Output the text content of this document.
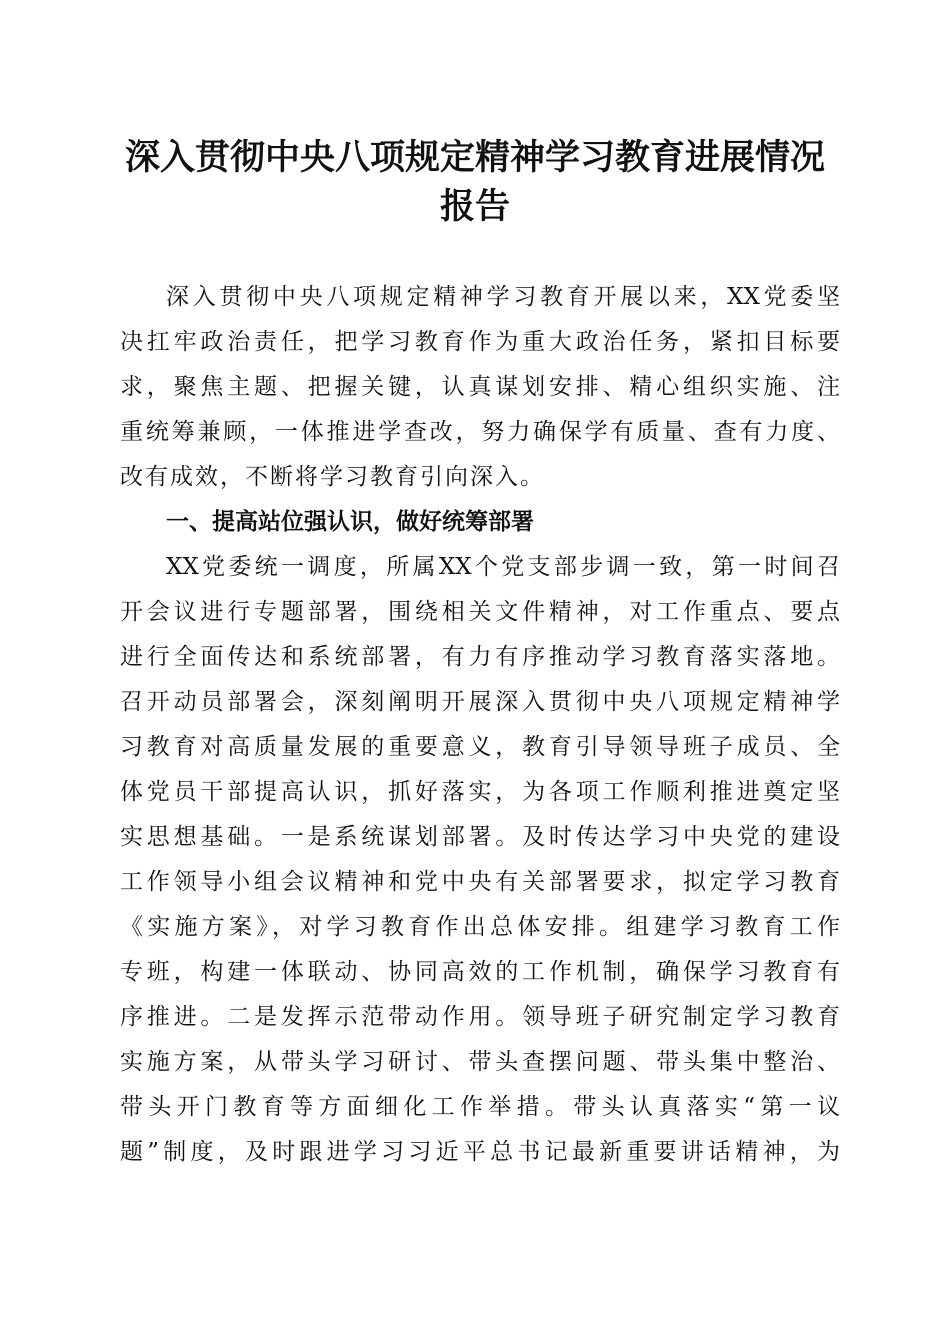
深入贯彻中央八项规定精神学习教育进展情况
报告
深入贯彻中央八项规定精神学习教育开展以来，XX党委坚
决扛牢政治责任，把学习教育作为重大政治任务，紧扣目标要
求，聚焦主题、把握关键，认真谋划安排、精心组织实施、注
重统筹兼顾，一体推进学查改，努力确保学有质量、查有力度、
改有成效，不断将学习教育引向深入。
一、提高站位强认识，做好统筹部署
XX党委统一调度，所属XX个党支部步调一致，第一时间召
开会议进行专题部署，围绕相关文件精神，对工作重点、要点
进行全面传达和系统部署，有力有序推动学习教育落实落地。
召开动员部署会，深刻阐明开展深入贯彻中央八项规定精神学
习教育对高质量发展的重要意义，教育引导领导班子成员、全
体党员干部提高认识，抓好落实，为各项工作顺利推进奠定坚
实思想基础。一是系统谋划部署。及时传达学习中央党的建设
工作领导小组会议精神和党中央有关部署要求，拟定学习教育
《实施方案》，对学习教育作出总体安排。组建学习教育工作
专班，构建一体联动、协同高效的工作机制，确保学习教育有
序推进。二是发挥示范带动作用。领导班子研究制定学习教育
实施方案，从带头学习研讨、带头查摆问题、带头集中整治、
带头开门教育等方面细化工作举措。带头认真落实“第一议
题”制度，及时跟进学习习近平总书记最新重要讲话精神，为
